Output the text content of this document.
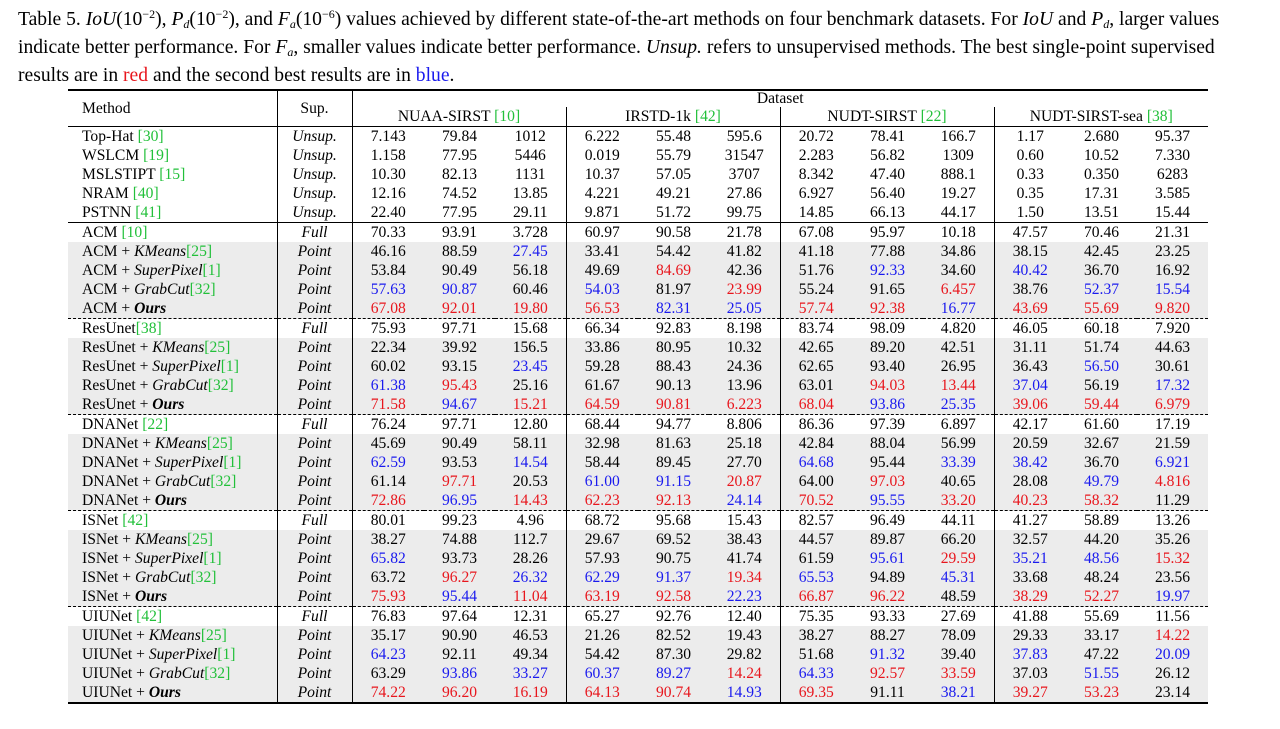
Table 5. $IoU(10^{-2})$, $P_d(10^{-2})$, and $F_a(10^{-6})$ values achieved by different state-of-the-art methods on four benchmark datasets. For IoU and $P_d$, larger values indicate better performance. For $F_a$, smaller values indicate better performance. Unsup. refers to unsupervised methods. The best single-point supervised results are in red and the second best results are in blue.

Method	Sup.	Dataset											
		NUAA-SIRST [10]			IRSTD-1k [42]			NUDT-SIRST [22]			NUDT-SIRST-sea [38]		
Top-Hat [30]	Unsup.	7.143	79.84	1012	6.222	55.48	595.6	20.72	78.41	166.7	1.17	2.680	95.37
WSLCM [19]	Unsup.	1.158	77.95	5446	0.019	55.79	31547	2.283	56.82	1309	0.60	10.52	7.330
MSLSTIPT [15]	Unsup.	10.30	82.13	1131	10.37	57.05	3707	8.342	47.40	888.1	0.33	0.350	6283
NRAM [40]	Unsup.	12.16	74.52	13.85	4.221	49.21	27.86	6.927	56.40	19.27	0.35	17.31	3.585
PSTNN [41]	Unsup.	22.40	77.95	29.11	9.871	51.72	99.75	14.85	66.13	44.17	1.50	13.51	15.44
ACM [10]	Full	70.33	93.91	3.728	60.97	90.58	21.78	67.08	95.97	10.18	47.57	70.46	21.31
ACM + KMeans[25]	Point	46.16	88.59	27.45	33.41	54.42	41.82	41.18	77.88	34.86	38.15	42.45	23.25
ACM + SuperPixel[1]	Point	53.84	90.49	56.18	49.69	84.69	42.36	51.76	92.33	34.60	40.42	36.70	16.92
ACM + GrabCut[32]	Point	57.63	90.87	60.46	54.03	81.97	23.99	55.24	91.65	6.457	38.76	52.37	15.54
ACM + Ours	Point	67.08	92.01	19.80	56.53	82.31	25.05	57.74	92.38	16.77	43.69	55.69	9.820
ResUnet[38]	Full	75.93	97.71	15.68	66.34	92.83	8.198	83.74	98.09	4.820	46.05	60.18	7.920
ResUnet + KMeans[25]	Point	22.34	39.92	156.5	33.86	80.95	10.32	42.65	89.20	42.51	31.11	51.74	44.63
ResUnet + SuperPixel[1]	Point	60.02	93.15	23.45	59.28	88.43	24.36	62.65	93.40	26.95	36.43	56.50	30.61
ResUnet + GrabCut[32]	Point	61.38	95.43	25.16	61.67	90.13	13.96	63.01	94.03	13.44	37.04	56.19	17.32
ResUnet + Ours	Point	71.58	94.67	15.21	64.59	90.81	6.223	68.04	93.86	25.35	39.06	59.44	6.979
DNANet [22]	Full	76.24	97.71	12.80	68.44	94.77	8.806	86.36	97.39	6.897	42.17	61.60	17.19
DNANet + KMeans[25]	Point	45.69	90.49	58.11	32.98	81.63	25.18	42.84	88.04	56.99	20.59	32.67	21.59
DNANet + SuperPixel[1]	Point	62.59	93.53	14.54	58.44	89.45	27.70	64.68	95.44	33.39	38.42	36.70	6.921
DNANet + GrabCut[32]	Point	61.14	97.71	20.53	61.00	91.15	20.87	64.00	97.03	40.65	28.08	49.79	4.816
DNANet + Ours	Point	72.86	96.95	14.43	62.23	92.13	24.14	70.52	95.55	33.20	40.23	58.32	11.29
ISNet [42]	Full	80.01	99.23	4.96	68.72	95.68	15.43	82.57	96.49	44.11	41.27	58.89	13.26
ISNet + KMeans[25]	Point	38.27	74.88	112.7	29.67	69.52	38.43	44.57	89.87	66.20	32.57	44.20	35.26
ISNet + SuperPixel[1]	Point	65.82	93.73	28.26	57.93	90.75	41.74	61.59	95.61	29.59	35.21	48.56	15.32
ISNet + GrabCut[32]	Point	63.72	96.27	26.32	62.29	91.37	19.34	65.53	94.89	45.31	33.68	48.24	23.56
ISNet + Ours	Point	75.93	95.44	11.04	63.19	92.58	22.23	66.87	96.22	48.59	38.29	52.27	19.97
UIUNet [42]	Full	76.83	97.64	12.31	65.27	92.76	12.40	75.35	93.33	27.69	41.88	55.69	11.56
UIUNet + KMeans[25]	Point	35.17	90.90	46.53	21.26	82.52	19.43	38.27	88.27	78.09	29.33	33.17	14.22
UIUNet + SuperPixel[1]	Point	64.23	92.11	49.34	54.42	87.30	29.82	51.68	91.32	39.40	37.83	47.22	20.09
UIUNet + GrabCut[32]	Point	63.29	93.86	33.27	60.37	89.27	14.24	64.33	92.57	33.59	37.03	51.55	26.12
UIUNet + Ours	Point	74.22	96.20	16.19	64.13	90.74	14.93	69.35	91.11	38.21	39.27	53.23	23.14
